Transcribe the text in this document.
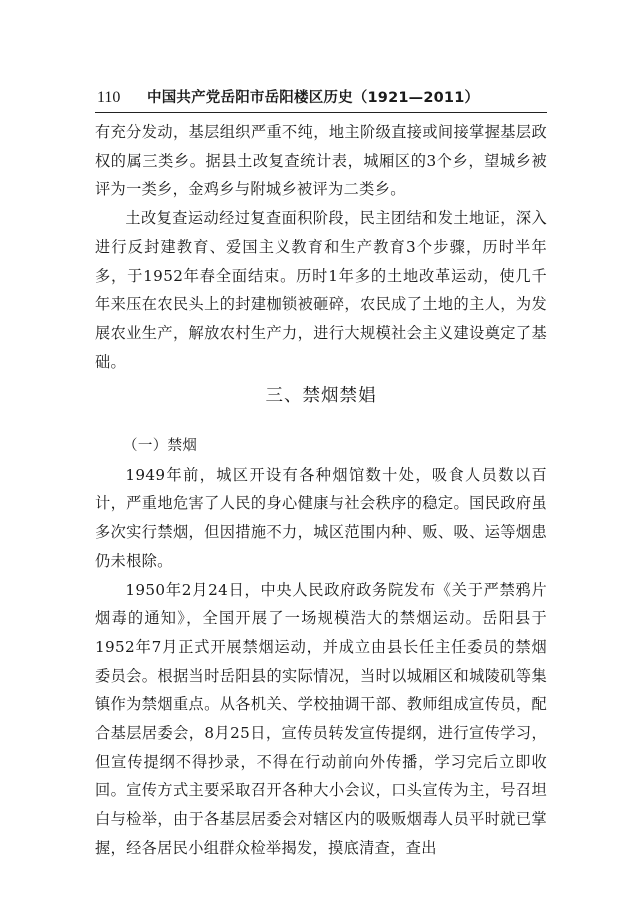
110 中国共产党岳阳市岳阳楼区历史（1921—2011）

有充分发动，基层组织严重不纯，地主阶级直接或间接掌握基层政权的属三类乡。据县土改复查统计表，城厢区的3个乡，望城乡被评为一类乡，金鸡乡与附城乡被评为二类乡。

土改复查运动经过复查面积阶段，民主团结和发土地证，深入进行反封建教育、爱国主义教育和生产教育3个步骤，历时半年多，于1952年春全面结束。历时1年多的土地改革运动，使几千年来压在农民头上的封建枷锁被砸碎，农民成了土地的主人，为发展农业生产，解放农村生产力，进行大规模社会主义建设奠定了基础。

三、禁烟禁娼

（一）禁烟

1949年前，城区开设有各种烟馆数十处，吸食人员数以百计，严重地危害了人民的身心健康与社会秩序的稳定。国民政府虽多次实行禁烟，但因措施不力，城区范围内种、贩、吸、运等烟患仍未根除。

1950年2月24日，中央人民政府政务院发布《关于严禁鸦片烟毒的通知》，全国开展了一场规模浩大的禁烟运动。岳阳县于1952年7月正式开展禁烟运动，并成立由县长任主任委员的禁烟委员会。根据当时岳阳县的实际情况，当时以城厢区和城陵矶等集镇作为禁烟重点。从各机关、学校抽调干部、教师组成宣传员，配合基层居委会，8月25日，宣传员转发宣传提纲，进行宣传学习，但宣传提纲不得抄录，不得在行动前向外传播，学习完后立即收回。宣传方式主要采取召开各种大小会议，口头宣传为主，号召坦白与检举，由于各基层居委会对辖区内的吸贩烟毒人员平时就已掌握，经各居民小组群众检举揭发，摸底清查，查出
